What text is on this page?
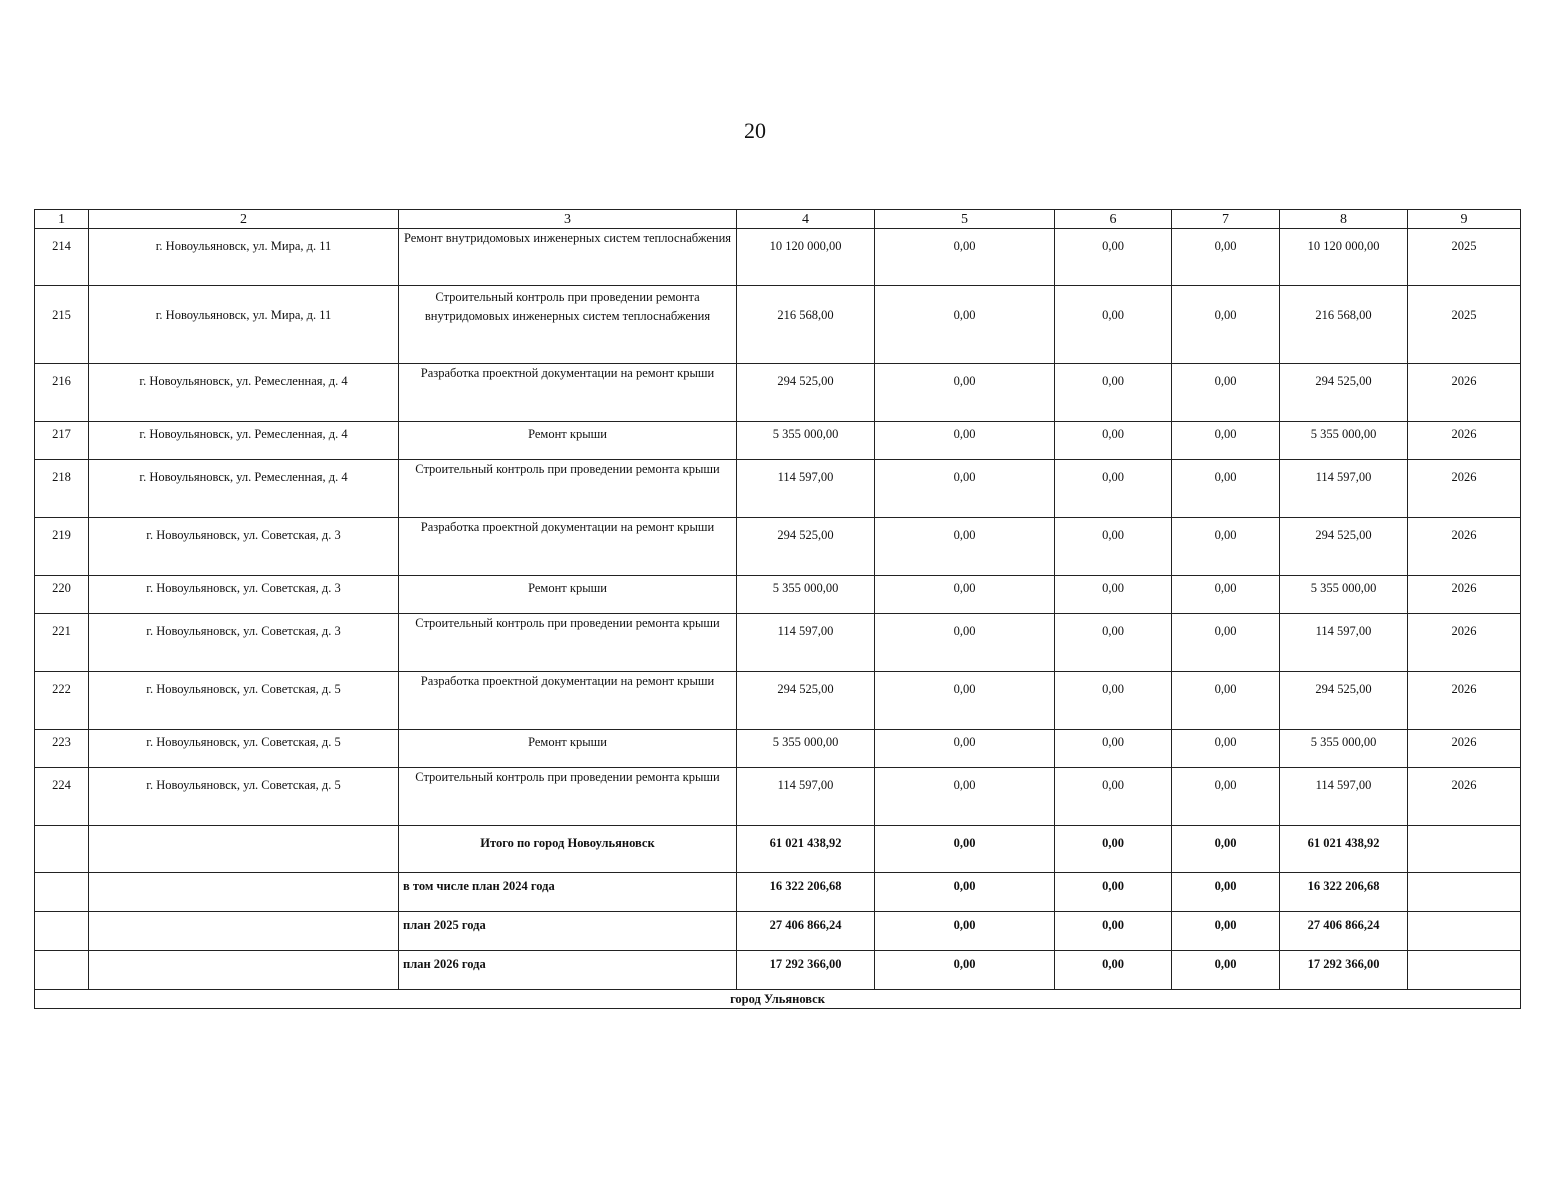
20
1	2	3	4	5	6	7	8	9
214	г. Новоульяновск, ул. Мира, д. 11	Ремонт внутридомовых инженерных систем теплоснабжения	10 120 000,00	0,00	0,00	0,00	10 120 000,00	2025
215	г. Новоульяновск, ул. Мира, д. 11	Строительный контроль при проведении ремонта внутридомовых инженерных систем теплоснабжения	216 568,00	0,00	0,00	0,00	216 568,00	2025
216	г. Новоульяновск, ул. Ремесленная, д. 4	Разработка проектной документации на ремонт крыши	294 525,00	0,00	0,00	0,00	294 525,00	2026
217	г. Новоульяновск, ул. Ремесленная, д. 4	Ремонт крыши	5 355 000,00	0,00	0,00	0,00	5 355 000,00	2026
218	г. Новоульяновск, ул. Ремесленная, д. 4	Строительный контроль при проведении ремонта крыши	114 597,00	0,00	0,00	0,00	114 597,00	2026
219	г. Новоульяновск, ул. Советская, д. 3	Разработка проектной документации на ремонт крыши	294 525,00	0,00	0,00	0,00	294 525,00	2026
220	г. Новоульяновск, ул. Советская, д. 3	Ремонт крыши	5 355 000,00	0,00	0,00	0,00	5 355 000,00	2026
221	г. Новоульяновск, ул. Советская, д. 3	Строительный контроль при проведении ремонта крыши	114 597,00	0,00	0,00	0,00	114 597,00	2026
222	г. Новоульяновск, ул. Советская, д. 5	Разработка проектной документации на ремонт крыши	294 525,00	0,00	0,00	0,00	294 525,00	2026
223	г. Новоульяновск, ул. Советская, д. 5	Ремонт крыши	5 355 000,00	0,00	0,00	0,00	5 355 000,00	2026
224	г. Новоульяновск, ул. Советская, д. 5	Строительный контроль при проведении ремонта крыши	114 597,00	0,00	0,00	0,00	114 597,00	2026
		Итого по город Новоульяновск	61 021 438,92	0,00	0,00	0,00	61 021 438,92	
		в том числе план 2024 года	16 322 206,68	0,00	0,00	0,00	16 322 206,68	
		план 2025 года	27 406 866,24	0,00	0,00	0,00	27 406 866,24	
		план 2026 года	17 292 366,00	0,00	0,00	0,00	17 292 366,00	
город Ульяновск								
